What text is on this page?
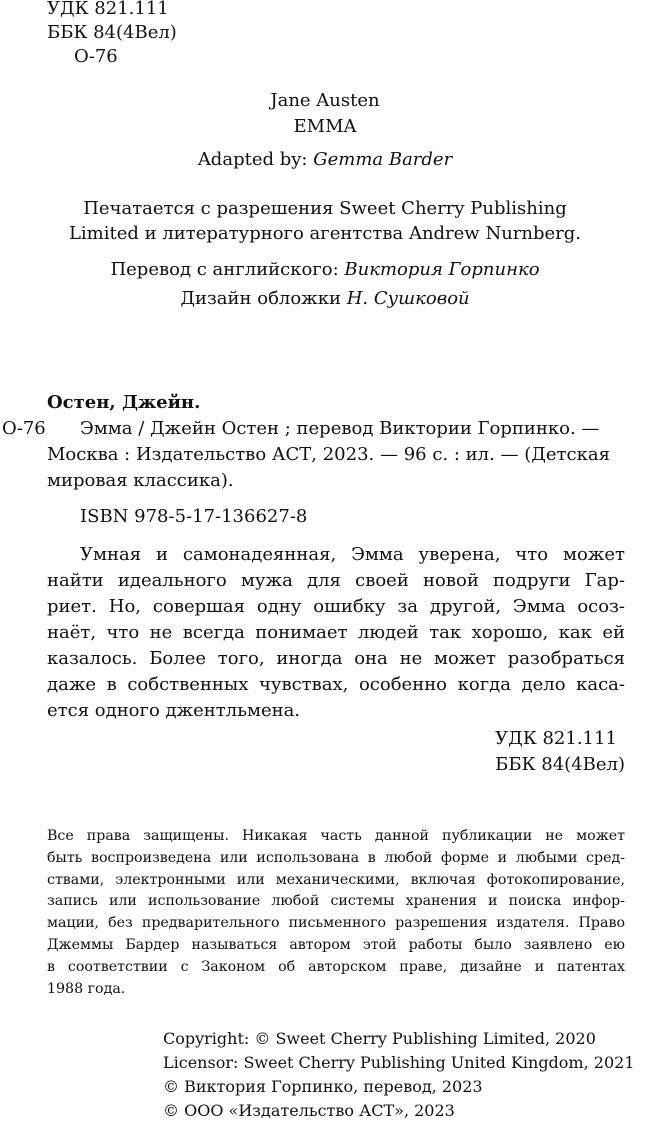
УДК 821.111
ББК 84(4Вел)
О-76
Jane Austen
EMMA
Adapted by: Gemma Barder
Печатается с разрешения Sweet Cherry Publishing
Limited и литературного агентства Andrew Nurnberg.
Перевод с английского: Виктория Горпинко
Дизайн обложки Н. Сушковой
Остен, Джейн.
О-76 Эмма / Джейн Остен ; перевод Виктории Горпинко. —
Москва : Издательство АСТ, 2023. — 96 с. : ил. — (Детская
мировая классика).
ISBN 978-5-17-136627-8
Умная и самонадеянная, Эмма уверена, что может
найти идеального мужа для своей новой подруги Гар-
риет. Но, совершая одну ошибку за другой, Эмма осоз-
наёт, что не всегда понимает людей так хорошо, как ей
казалось. Более того, иногда она не может разобраться
даже в собственных чувствах, особенно когда дело каса-
ется одного джентльмена.
УДК 821.111
ББК 84(4Вел)
Все права защищены. Никакая часть данной публикации не может
быть воспроизведена или использована в любой форме и любыми сред-
ствами, электронными или механическими, включая фотокопирование,
запись или использование любой системы хранения и поиска инфор-
мации, без предварительного письменного разрешения издателя. Право
Джеммы Бардер называться автором этой работы было заявлено ею
в соответствии с Законом об авторском праве, дизайне и патентах
1988 года.
Copyright: © Sweet Cherry Publishing Limited, 2020
Licensor: Sweet Cherry Publishing United Kingdom, 2021
© Виктория Горпинко, перевод, 2023
© ООО «Издательство АСТ», 2023
